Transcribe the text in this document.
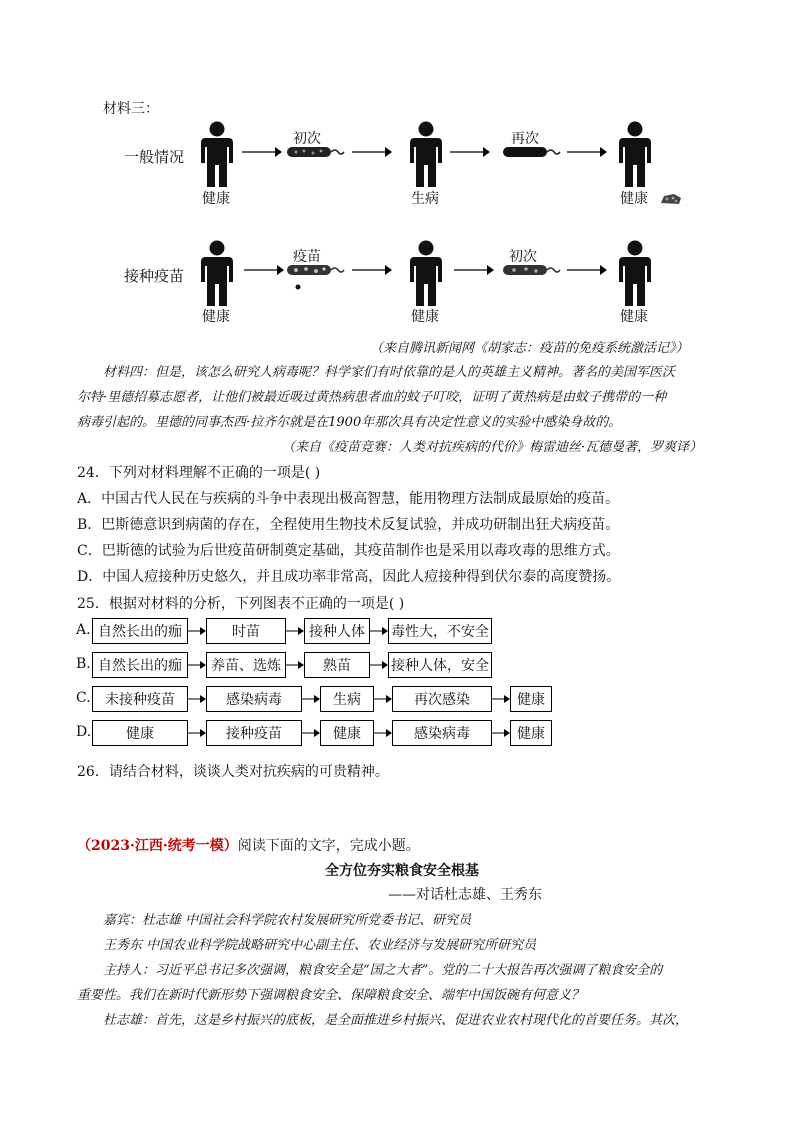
材料三：
一般情况
健康
初次
生病
再次
健康
接种疫苗
健康
疫苗
健康
初次
健康
（来自腾讯新闻网《胡家志：疫苗的免疫系统激活记》）
材料四：但是，该怎么研究人病毒呢？科学家们有时依靠的是人的英雄主义精神。著名的美国军医沃
尔特·里德招募志愿者，让他们被最近吸过黄热病患者血的蚊子叮咬，证明了黄热病是由蚊子携带的一种
病毒引起的。里德的同事杰西·拉齐尔就是在1900年那次具有决定性意义的实验中感染身故的。
（来自《疫苗竞赛：人类对抗疾病的代价》梅雷迪丝·瓦德曼著，罗爽译）
24．下列对材料理解不正确的一项是( )
A．中国古代人民在与疾病的斗争中表现出极高智慧，能用物理方法制成最原始的疫苗。
B．巴斯德意识到病菌的存在，全程使用生物技术反复试验，并成功研制出狂犬病疫苗。
C．巴斯德的试验为后世疫苗研制奠定基础，其疫苗制作也是采用以毒攻毒的思维方式。
D．中国人痘接种历史悠久，并且成功率非常高，因此人痘接种得到伏尔泰的高度赞扬。
25．根据对材料的分析，下列图表不正确的一项是( )
A. 自然长出的痂	时苗	接种人体	毒性大，不安全
B. 自然长出的痂	养苗、选炼	熟苗	接种人体，安全
C.	未接种疫苗	感染病毒	生病	再次感染	健康
D.	健康	接种疫苗	健康	感染病毒	健康
26．请结合材料，谈谈人类对抗疾病的可贵精神。
（2023·江西·统考一模）阅读下面的文字，完成小题。
全方位夯实粮食安全根基
——对话杜志雄、王秀东
嘉宾：杜志雄 中国社会科学院农村发展研究所党委书记、研究员
王秀东 中国农业科学院战略研究中心副主任、农业经济与发展研究所研究员
主持人：习近平总书记多次强调，粮食安全是“国之大者”。党的二十大报告再次强调了粮食安全的
重要性。我们在新时代新形势下强调粮食安全、保障粮食安全、端牢中国饭碗有何意义？
杜志雄：首先，这是乡村振兴的底板，是全面推进乡村振兴、促进农业农村现代化的首要任务。其次，
